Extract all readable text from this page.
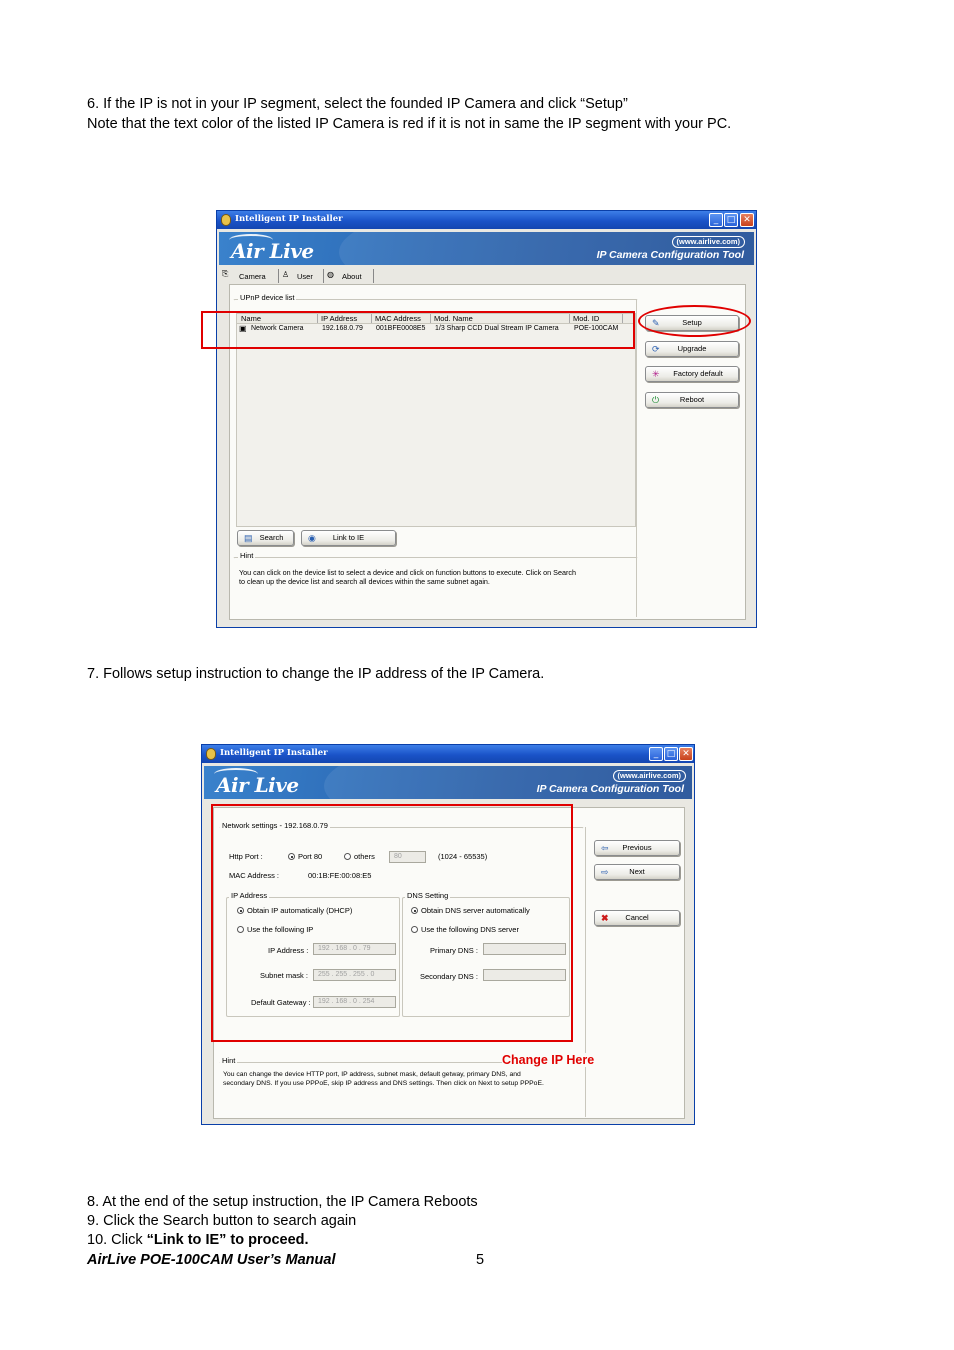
6. If the IP is not in your IP segment, select the founded IP Camera and click “Setup”
Note that the text color of the listed IP Camera is red if it is not in same the IP segment with your PC.
Intelligent IP Installer	_ □ ✕
Air Live	(www.airlive.com)
IP Camera Configuration Tool
⎘ Camera ♙ User ◍ About
UPnP device list
Name	IP Address MAC Address Mod. Name	Mod. ID
▣ Network Camera	192.168.0.79 001BFE0008E5 1/3 Sharp CCD Dual Stream IP Camera POE-100CAM
✎	Setup
⟳	Upgrade
✳	Factory default
⏻	Reboot
▤ Search	◉	Link to IE
Hint
You can click on the device list to select a device and click on function buttons to execute. Click on Search
to clean up the device list and search all devices within the same subnet again.
7. Follows setup instruction to change the IP address of the IP Camera.
Intelligent IP Installer	_ □ ✕
Air Live	(www.airlive.com)
IP Camera Configuration Tool
Network settings - 192.168.0.79
Http Port :	Port 80	others	80	(1024 - 65535)
MAC Address :	00:1B:FE:00:08:E5
IP Address
Obtain IP automatically (DHCP)
Use the following IP
IP Address :	192 . 168 . 0 . 79
Subnet mask :	255 . 255 . 255 . 0
Default Gateway :	192 . 168 . 0 . 254
DNS Setting
Obtain DNS server automatically
Use the following DNS server
Primary DNS :
Secondary DNS :
⇦	Previous
⇨	Next
✖	Cancel
Hint
You can change the device HTTP port, IP address, subnet mask, default getway, primary DNS, and
secondary DNS. If you use PPPoE, skip IP address and DNS settings. Then click on Next to setup PPPoE.
Change IP Here
8. At the end of the setup instruction, the IP Camera Reboots
9. Click the Search button to search again
10. Click “Link to IE” to proceed.
AirLive POE-100CAM User’s Manual	5
